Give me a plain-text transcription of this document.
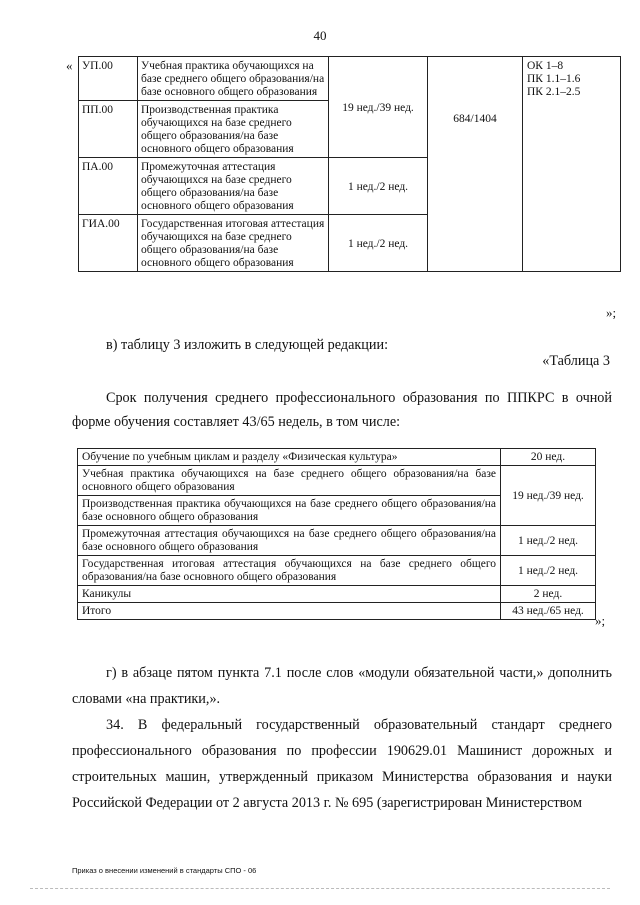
40
« УП.00	Учебная практика обучающихся на базе среднего общего образования/на базе основного общего образования	19 нед./39 нед.	684/1404	ОК 1–8
ПК 1.1–1.6
ПК 2.1–2.5

ПП.00	Производственная практика обучающихся на базе среднего общего образования/на базе основного общего образования			
ПА.00	Промежуточная аттестация обучающихся на базе среднего общего образования/на базе основного общего образования	1 нед./2 нед.		
ГИА.00	Государственная итоговая аттестация обучающихся на базе среднего общего образования/на базе основного общего образования	1 нед./2 нед.		
»;
в) таблицу 3 изложить в следующей редакции:
«Таблица 3
Срок получения среднего профессионального образования по ППКРС в очной форме обучения составляет 43/65 недель, в том числе:
Обучение по учебным циклам и разделу «Физическая культура»	20 нед.
Учебная практика обучающихся на базе среднего общего образования/на базе основного общего образования	19 нед./39 нед.
Производственная практика обучающихся на базе среднего общего образования/на базе основного общего образования	
Промежуточная аттестация обучающихся на базе среднего общего образования/на базе основного общего образования	1 нед./2 нед.
Государственная итоговая аттестация обучающихся на базе среднего общего образования/на базе основного общего образования	1 нед./2 нед.
Каникулы	2 нед.
Итого	43 нед./65 нед.
»;
г) в абзаце пятом пункта 7.1 после слов «модули обязательной части,» дополнить словами «на практики,».
34. В федеральный государственный образовательный стандарт среднего профессионального образования по профессии 190629.01 Машинист дорожных и строительных машин, утвержденный приказом Министерства образования и науки Российской Федерации от 2 августа 2013 г. № 695 (зарегистрирован Министерством
Приказ о внесении изменений в стандарты СПО - 06
